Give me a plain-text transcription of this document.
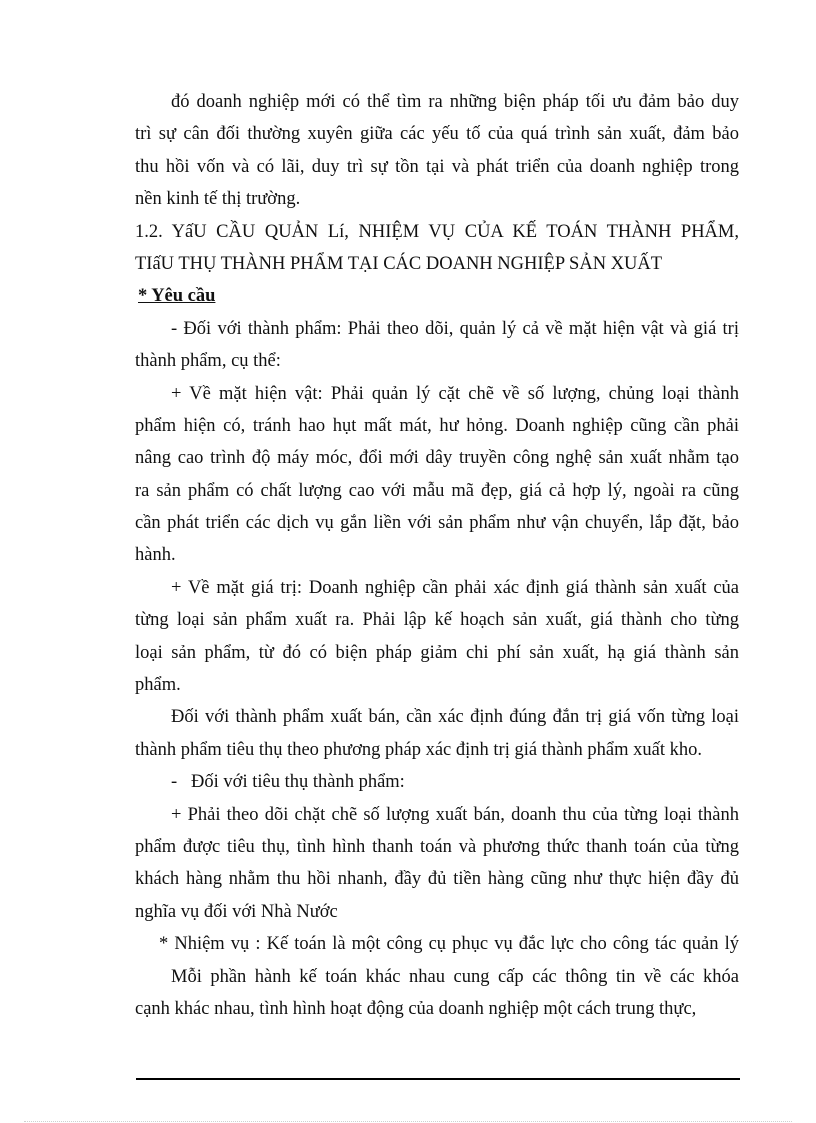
đó doanh nghiệp mới có thể tìm ra những biện pháp tối ưu đảm bảo duy
trì sự cân đối thường xuyên giữa các yếu tố của quá trình sản xuất, đảm bảo
thu hồi vốn và có lãi, duy trì sự tồn tại và phát triển của doanh nghiệp trong
nền kinh tế thị trường.
1.2. YấU CẦU QUẢN Lí, NHIỆM VỤ CỦA KẾ TOÁN THÀNH PHẨM,
TIấU THỤ THÀNH PHẨM TẠI CÁC DOANH NGHIỆP SẢN XUẤT
* Yêu cầu
- Đối với thành phẩm: Phải theo dõi, quản lý cả về mặt hiện vật và giá trị
thành phẩm, cụ thể:
+ Về mặt hiện vật: Phải quản lý cặt chẽ về số lượng, chủng loại thành
phẩm hiện có, tránh hao hụt mất mát, hư hỏng. Doanh nghiệp cũng cần phải
nâng cao trình độ máy móc, đổi mới dây truyền công nghệ sản xuất nhằm tạo
ra sản phẩm có chất lượng cao với mẫu mã đẹp, giá cả hợp lý, ngoài ra cũng
cần phát triển các dịch vụ gắn liền với sản phẩm như vận chuyển, lắp đặt, bảo
hành.
+ Về mặt giá trị: Doanh nghiệp cần phải xác định giá thành sản xuất của
từng loại sản phẩm xuất ra. Phải lập kế hoạch sản xuất, giá thành cho từng
loại sản phẩm, từ đó có biện pháp giảm chi phí sản xuất, hạ giá thành sản
phẩm.
Đối với thành phẩm xuất bán, cần xác định đúng đắn trị giá vốn từng loại
thành phẩm tiêu thụ theo phương pháp xác định trị giá thành phẩm xuất kho.
-   Đối với tiêu thụ thành phẩm:
+ Phải theo dõi chặt chẽ số lượng xuất bán, doanh thu của từng loại thành
phẩm được tiêu thụ, tình hình thanh toán và phương thức thanh toán của từng
khách hàng nhằm thu hồi nhanh, đầy đủ tiền hàng cũng như thực hiện đầy đủ
nghĩa vụ đối với Nhà Nước
* Nhiệm vụ : Kế toán là một công cụ phục vụ đắc lực cho công tác quản lý
Mỗi phần hành kế toán khác nhau cung cấp các thông tin về các khóa
cạnh khác nhau, tình hình hoạt động của doanh nghiệp một cách trung thực,
